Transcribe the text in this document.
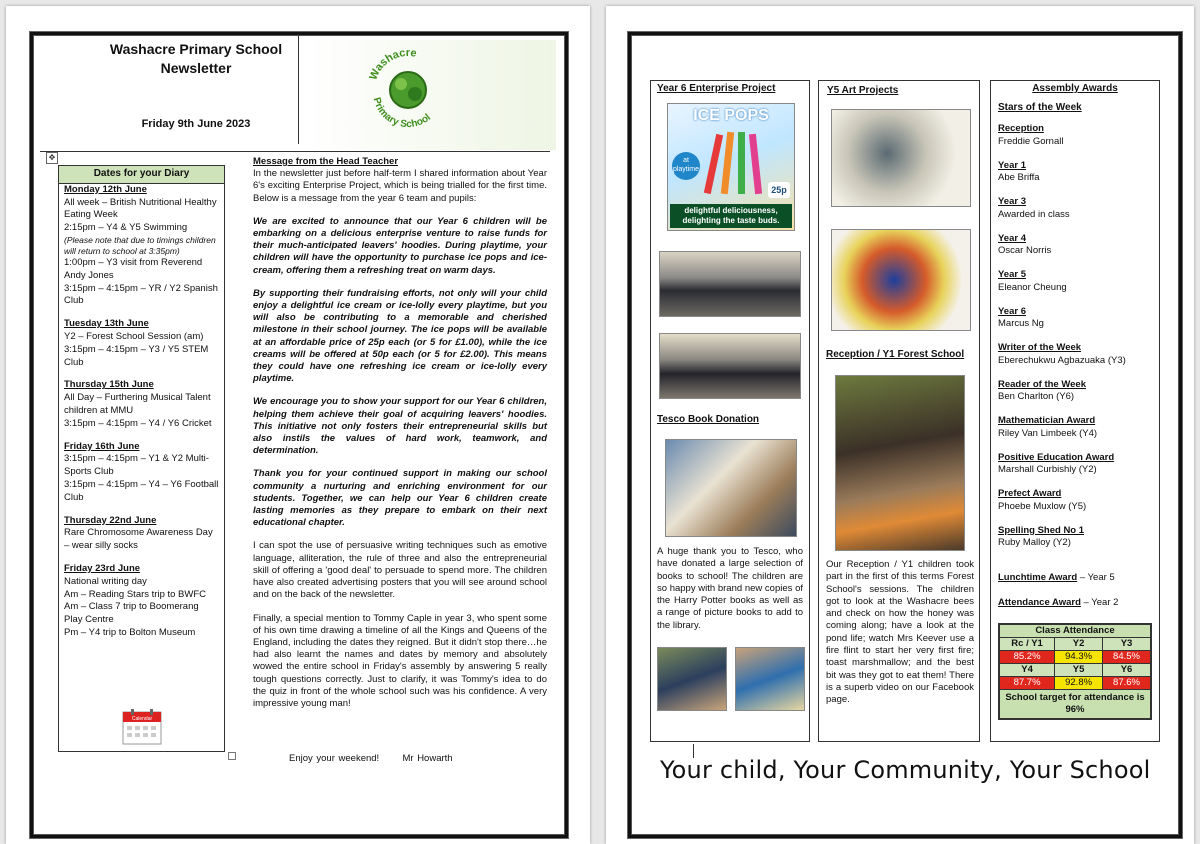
Washacre Primary School
Newsletter
Friday 9th June 2023
Washacre
Primary School
✥
Dates for your Diary
Monday 12th June
All week – British Nutritional Healthy Eating Week
2:15pm – Y4 & Y5 Swimming
(Please note that due to timings children will return to school at 3:35pm)
1:00pm – Y3 visit from Reverend Andy Jones
3:15pm – 4:15pm – YR / Y2 Spanish Club
Tuesday 13th June
Y2 – Forest School Session (am)
3:15pm – 4:15pm – Y3 / Y5 STEM Club
Thursday 15th June
All Day – Furthering Musical Talent children at MMU
3:15pm – 4:15pm – Y4 / Y6 Cricket
Friday 16th June
3:15pm – 4:15pm – Y1 & Y2 Multi-Sports Club
3:15pm – 4:15pm – Y4 – Y6 Football Club
Thursday 22nd June
Rare Chromosome Awareness Day – wear silly socks
Friday 23rd June
National writing day
Am – Reading Stars trip to BWFC
Am – Class 7 trip to Boomerang Play Centre
Pm – Y4 trip to Bolton Museum
Calendar
Message from the Head Teacher

In the newsletter just before half-term I shared information about Year 6's exciting Enterprise Project, which is being trialled for the first time. Below is a message from the year 6 team and pupils:

We are excited to announce that our Year 6 children will be embarking on a delicious enterprise venture to raise funds for their much-anticipated leavers' hoodies. During playtime, your children will have the opportunity to purchase ice pops and ice-cream, offering them a refreshing treat on warm days.

By supporting their fundraising efforts, not only will your child enjoy a delightful ice cream or ice-lolly every playtime, but you will also be contributing to a memorable and cherished milestone in their school journey. The ice pops will be available at an affordable price of 25p each (or 5 for £1.00), while the ice creams will be offered at 50p each (or 5 for £2.00). This means they could have one refreshing ice cream or ice-lolly every playtime.

We encourage you to show your support for our Year 6 children, helping them achieve their goal of acquiring leavers' hoodies. This initiative not only fosters their entrepreneurial skills but also instils the values of hard work, teamwork, and determination.

Thank you for your continued support in making our school community a nurturing and enriching environment for our students. Together, we can help our Year 6 children create lasting memories as they prepare to embark on their next educational chapter.

I can spot the use of persuasive writing techniques such as emotive language, alliteration, the rule of three and also the entrepreneurial skill of offering a 'good deal' to persuade to spend more. The children have also created advertising posters that you will see around school and on the back of the newsletter.

Finally, a special mention to Tommy Caple in year 3, who spent some of his own time drawing a timeline of all the Kings and Queens of the England, including the dates they reigned. But it didn't stop there…he had also learnt the names and dates by memory and absolutely wowed the entire school in Friday's assembly by answering 5 really tough questions correctly. Just to clarify, it was Tommy's idea to do the quiz in front of the whole school such was his confidence. A very impressive young man!

Enjoy your weekend! Mr Howarth
Year 6 Enterprise Project
ICE POPS
at playtime
25p
delightful deliciousness, delighting the taste buds.
Tesco Book Donation
A huge thank you to Tesco, who have donated a large selection of books to school! The children are so happy with brand new copies of the Harry Potter books as well as a range of picture books to add to the library.
Y5 Art Projects
Reception / Y1 Forest School
Our Reception / Y1 children took part in the first of this terms Forest School's sessions. The children got to look at the Washacre bees and check on how the honey was coming along; have a look at the pond life; watch Mrs Keever use a fire flint to start her very first fire; toast marshmallow; and the best bit was they got to eat them! There is a superb video on our Facebook page.
Assembly Awards
Stars of the Week
Reception
Freddie Gornall
Year 1
Abe Briffa
Year 3
Awarded in class
Year 4
Oscar Norris
Year 5
Eleanor Cheung
Year 6
Marcus Ng
Writer of the Week
Eberechukwu Agbazuaka (Y3)
Reader of the Week
Ben Charlton (Y6)
Mathematician Award
Riley Van Limbeek (Y4)
Positive Education Award
Marshall Curbishly (Y2)
Prefect Award
Phoebe Muxlow (Y5)
Spelling Shed No 1
Ruby Malloy (Y2)
Lunchtime Award – Year 5
Attendance Award – Year 2
Class Attendance		
Rc / Y1	Y2	Y3
85.2%	94.3%	84.5%
Y4	Y5	Y6
87.7%	92.8%	87.6%
School target for attendance is 96%		
Your child, Your Community, Your School
